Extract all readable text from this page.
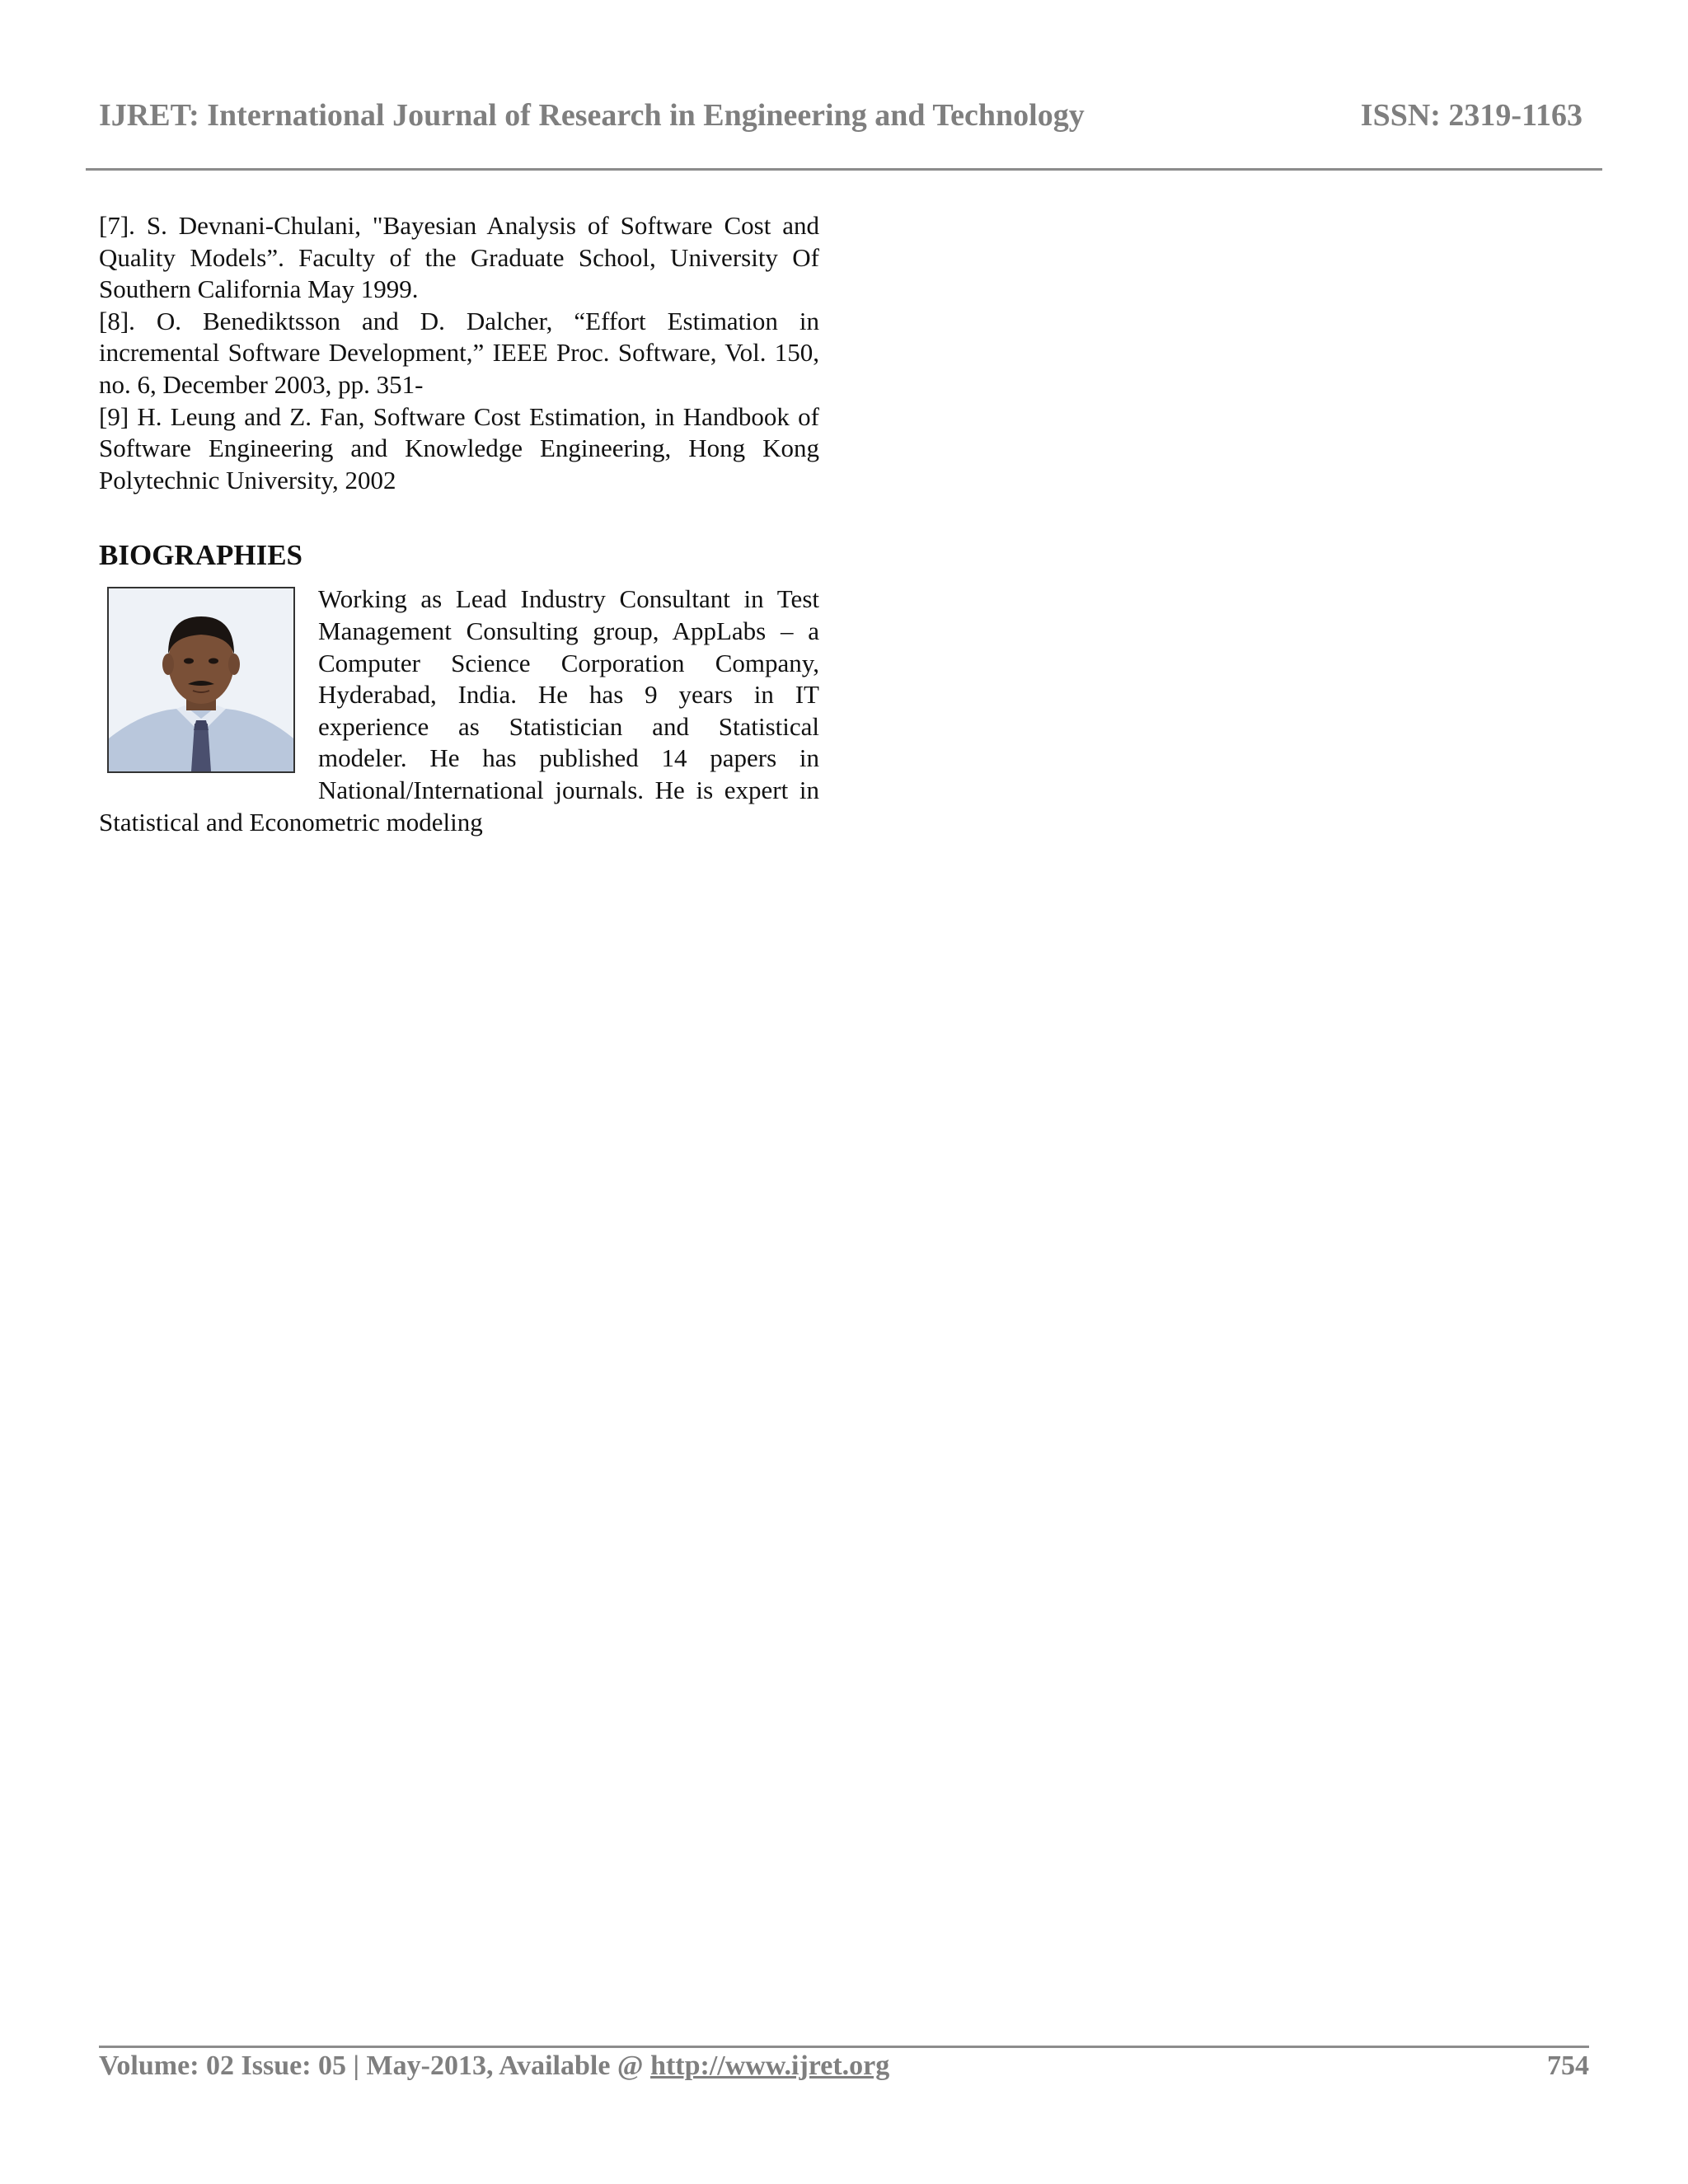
IJRET: International Journal of Research in Engineering and Technology	ISSN: 2319-1163

[7]. S. Devnani-Chulani, "Bayesian Analysis of Software Cost and Quality Models”. Faculty of the Graduate School, University Of Southern California May 1999.

[8]. O. Benediktsson and D. Dalcher, “Effort Estimation in incremental Software Development,” IEEE Proc. Software, Vol. 150, no. 6, December 2003, pp. 351-

[9] H. Leung and Z. Fan, Software Cost Estimation, in Handbook of Software Engineering and Knowledge Engineering, Hong Kong Polytechnic University, 2002

BIOGRAPHIES
Working as Lead Industry Consultant in Test Management Consulting group, AppLabs – a Computer Science Corporation Company, Hyderabad, India. He has 9 years in IT experience as Statistician and Statistical modeler. He has published 14 papers in National/International journals. He is expert in Statistical and Econometric modeling
Volume: 02 Issue: 05 | May-2013, Available @ http://www.ijret.org	754
